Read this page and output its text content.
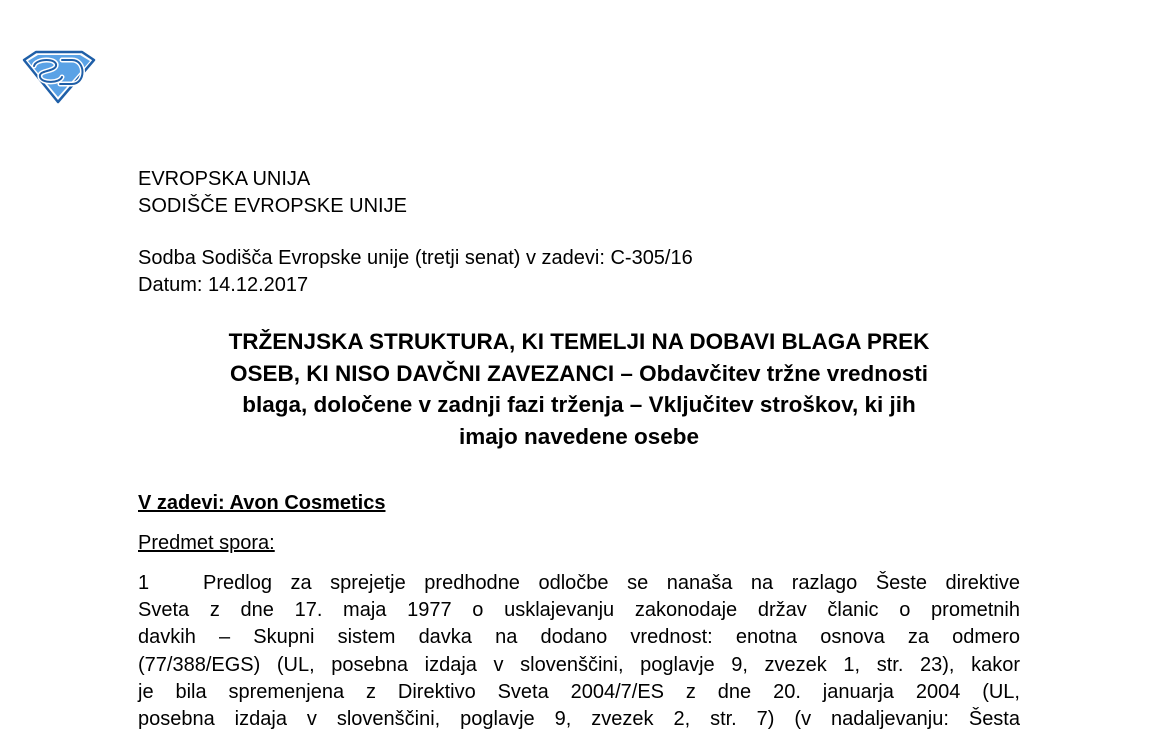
EVROPSKA UNIJA
SODIŠČE EVROPSKE UNIJE
Sodba Sodišča Evropske unije (tretji senat) v zadevi: C-305/16
Datum: 14.12.2017
TRŽENJSKA STRUKTURA, KI TEMELJI NA DOBAVI BLAGA PREK
OSEB, KI NISO DAVČNI ZAVEZANCI – Obdavčitev tržne vrednosti
blaga, določene v zadnji fazi trženja – Vključitev stroškov, ki jih
imajo navedene osebe
V zadevi: Avon Cosmetics
Predmet spora:
1	Predlog za sprejetje predhodne odločbe se nanaša na razlago Šeste direktive
Sveta z dne 17. maja 1977 o usklajevanju zakonodaje držav članic o prometnih
davkih – Skupni sistem davka na dodano vrednost: enotna osnova za odmero
(77/388/EGS) (UL, posebna izdaja v slovenščini, poglavje 9, zvezek 1, str. 23), kakor
je bila spremenjena z Direktivo Sveta 2004/7/ES z dne 20. januarja 2004 (UL,
posebna izdaja v slovenščini, poglavje 9, zvezek 2, str. 7) (v nadaljevanju: Šesta
